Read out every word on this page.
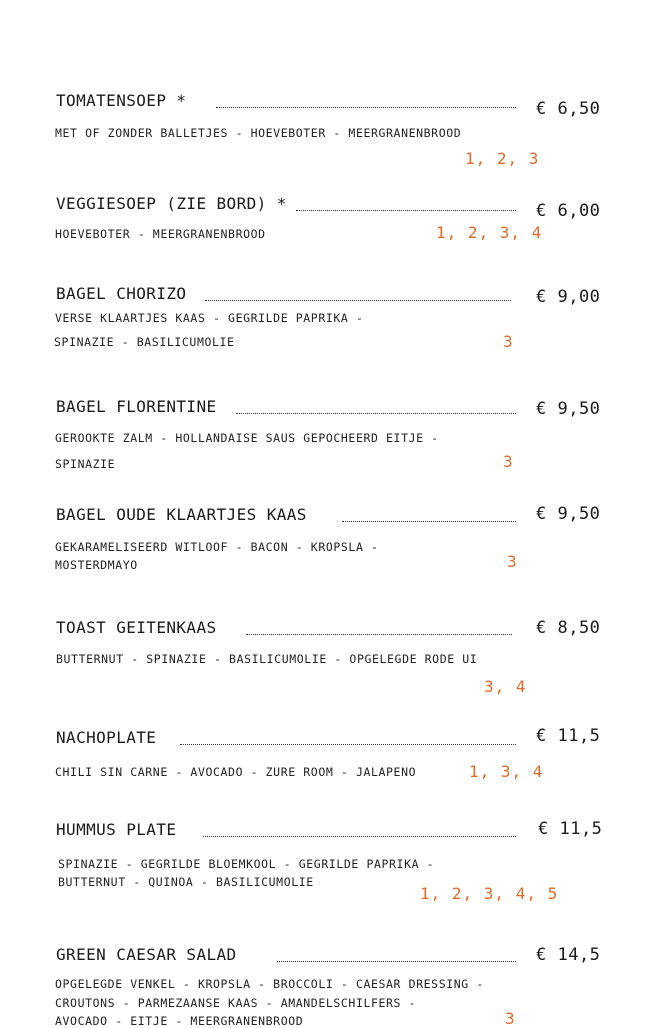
TOMATENSOEP *	€ 6,50
MET OF ZONDER BALLETJES - HOEVEBOTER - MEERGRANENBROOD
1, 2, 3
VEGGIESOEP (ZIE BORD) *	€ 6,00
HOEVEBOTER - MEERGRANENBROOD	1, 2, 3, 4
BAGEL CHORIZO	€ 9,00
VERSE KLAARTJES KAAS - GEGRILDE PAPRIKA -
SPINAZIE - BASILICUMOLIE	3
BAGEL FLORENTINE	€ 9,50
GEROOKTE ZALM - HOLLANDAISE SAUS GEPOCHEERD EITJE -
SPINAZIE	3
BAGEL OUDE KLAARTJES KAAS	€ 9,50
GEKARAMELISEERD WITLOOF - BACON - KROPSLA -
MOSTERDMAYO	3
TOAST GEITENKAAS	€ 8,50
BUTTERNUT - SPINAZIE - BASILICUMOLIE - OPGELEGDE RODE UI
3, 4
NACHOPLATE	€ 11,5
CHILI SIN CARNE - AVOCADO - ZURE ROOM - JALAPENO	1, 3, 4
HUMMUS PLATE	€ 11,5
SPINAZIE - GEGRILDE BLOEMKOOL - GEGRILDE PAPRIKA -
BUTTERNUT - QUINOA - BASILICUMOLIE
1, 2, 3, 4, 5
GREEN CAESAR SALAD	€ 14,5
OPGELEGDE VENKEL - KROPSLA - BROCCOLI - CAESAR DRESSING -
CROUTONS - PARMEZAANSE KAAS - AMANDELSCHILFERS -
AVOCADO - EITJE - MEERGRANENBROOD	3
